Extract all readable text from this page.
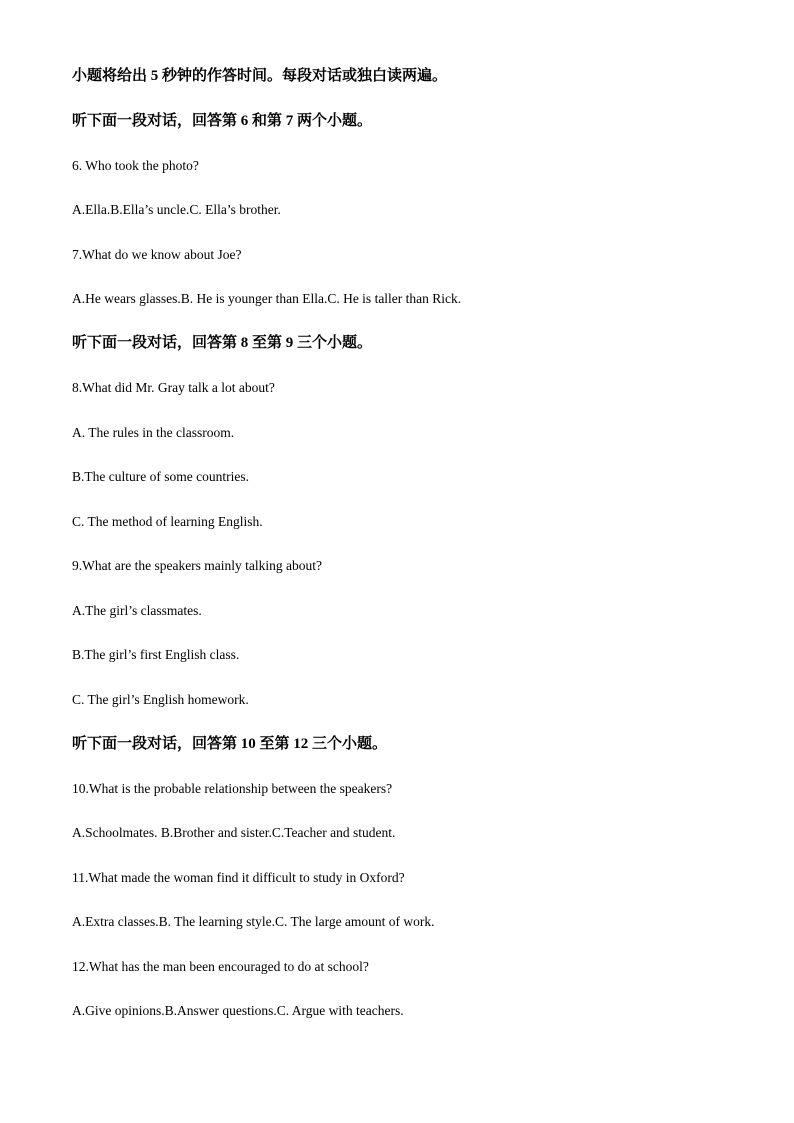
小题将给出 5 秒钟的作答时间。每段对话或独白读两遍。
听下面一段对话，回答第 6 和第 7 两个小题。
6. Who took the photo?
A.Ella.B.Ella’s uncle.C. Ella’s brother.
7.What do we know about Joe?
A.He wears glasses.B. He is younger than Ella.C. He is taller than Rick.
听下面一段对话，回答第 8 至第 9 三个小题。
8.What did Mr. Gray talk a lot about?
A. The rules in the classroom.
B.The culture of some countries.
C. The method of learning English.
9.What are the speakers mainly talking about?
A.The girl’s classmates.
B.The girl’s first English class.
C. The girl’s English homework.
听下面一段对话，回答第 10 至第 12 三个小题。
10.What is the probable relationship between the speakers?
A.Schoolmates. B.Brother and sister.C.Teacher and student.
11.What made the woman find it difficult to study in Oxford?
A.Extra classes.B. The learning style.C. The large amount of work.
12.What has the man been encouraged to do at school?
A.Give opinions.B.Answer questions.C. Argue with teachers.
